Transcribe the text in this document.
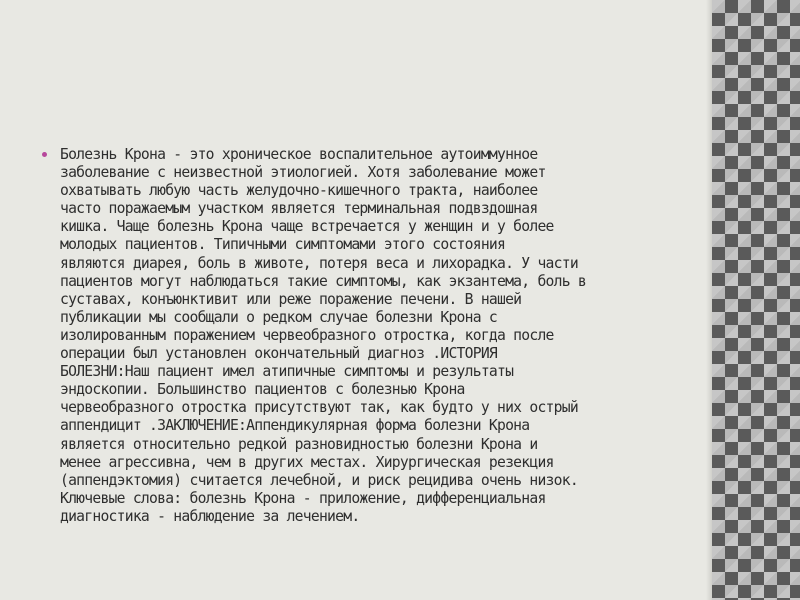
Болезнь Крона - это хроническое воспалительное аутоиммунное
заболевание с неизвестной этиологией. Хотя заболевание может
охватывать любую часть желудочно-кишечного тракта, наиболее
часто поражаемым участком является терминальная подвздошная
кишка. Чаще болезнь Крона чаще встречается у женщин и у более
молодых пациентов. Типичными симптомами этого состояния
являются диарея, боль в животе, потеря веса и лихорадка. У части
пациентов могут наблюдаться такие симптомы, как экзантема, боль в
суставах, конъюнктивит или реже поражение печени. В нашей
публикации мы сообщали о редком случае болезни Крона с
изолированным поражением червеобразного отростка, когда после
операции был установлен окончательный диагноз .ИСТОРИЯ
БОЛЕЗНИ:Наш пациент имел атипичные симптомы и результаты
эндоскопии. Большинство пациентов с болезнью Крона
червеобразного отростка присутствуют так, как будто у них острый
аппендицит .ЗАКЛЮЧЕНИЕ:Аппендикулярная форма болезни Крона
является относительно редкой разновидностью болезни Крона и
менее агрессивна, чем в других местах. Хирургическая резекция
(аппендэктомия) считается лечебной, и риск рецидива очень низок.
Ключевые слова: болезнь Крона - приложение, дифференциальная
диагностика - наблюдение за лечением.
